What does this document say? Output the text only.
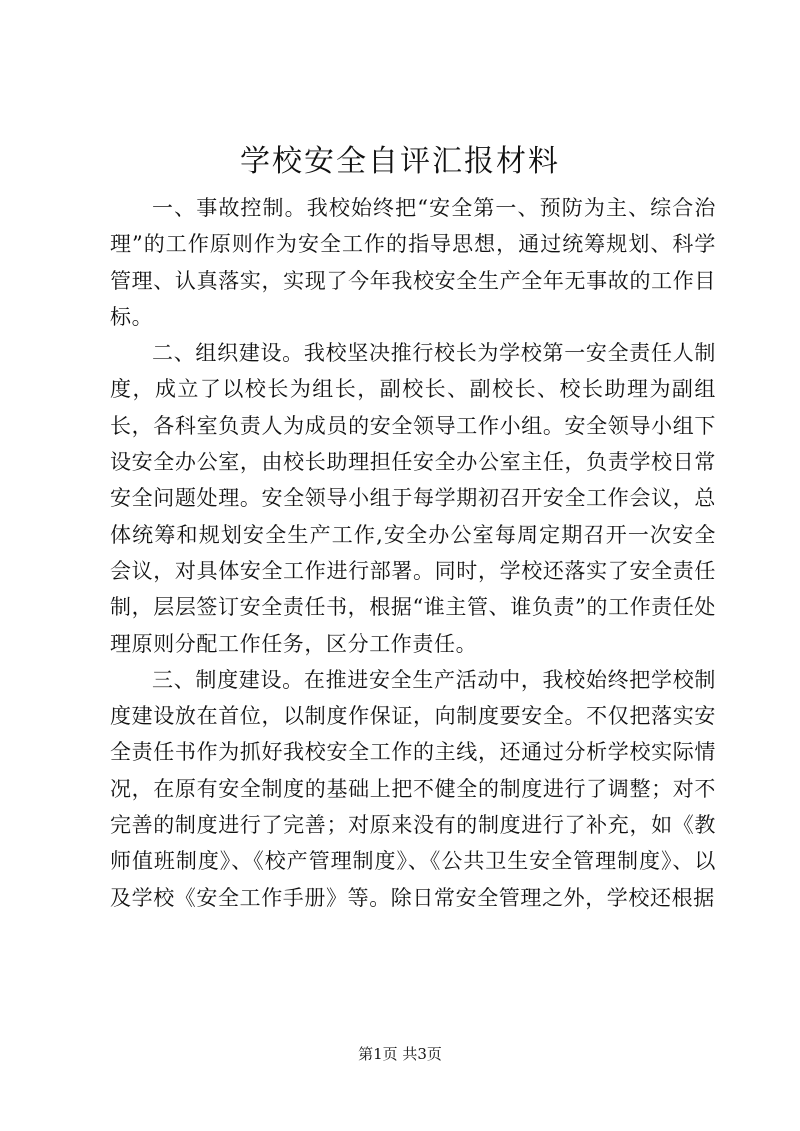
学校安全自评汇报材料

一、事故控制。我校始终把“安全第一、预防为主、综合治理”的工作原则作为安全工作的指导思想，通过统筹规划、科学管理、认真落实，实现了今年我校安全生产全年无事故的工作目标。

二、组织建设。我校坚决推行校长为学校第一安全责任人制度，成立了以校长为组长，副校长、副校长、校长助理为副组长，各科室负责人为成员的安全领导工作小组。安全领导小组下设安全办公室，由校长助理担任安全办公室主任，负责学校日常安全问题处理。安全领导小组于每学期初召开安全工作会议，总体统筹和规划安全生产工作,安全办公室每周定期召开一次安全会议，对具体安全工作进行部署。同时，学校还落实了安全责任制，层层签订安全责任书，根据“谁主管、谁负责”的工作责任处理原则分配工作任务，区分工作责任。

三、制度建设。在推进安全生产活动中，我校始终把学校制度建设放在首位，以制度作保证，向制度要安全。不仅把落实安全责任书作为抓好我校安全工作的主线，还通过分析学校实际情况，在原有安全制度的基础上把不健全的制度进行了调整；对不完善的制度进行了完善；对原来没有的制度进行了补充，如《教师值班制度》、《校产管理制度》、《公共卫生安全管理制度》、以及学校《安全工作手册》等。除日常安全管理之外，学校还根据

第1页 共3页
